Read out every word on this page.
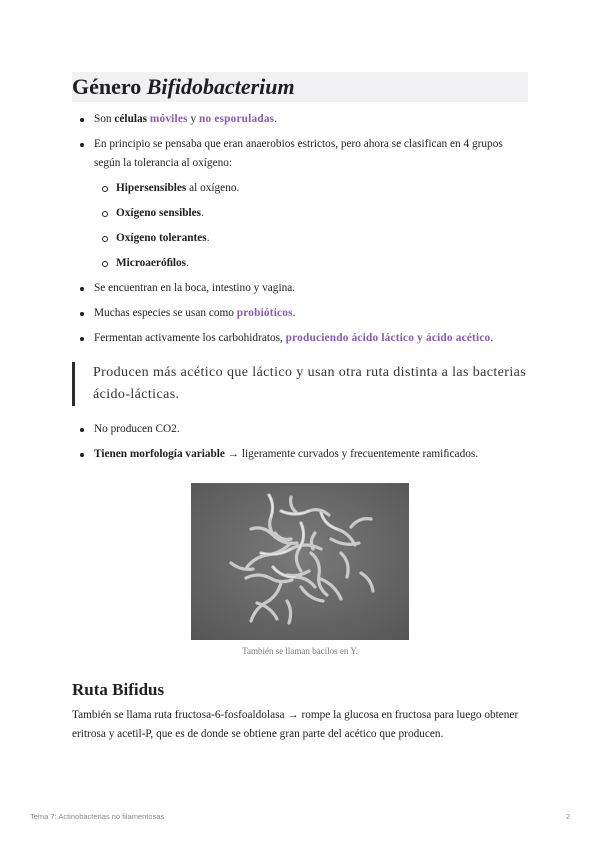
Género Bifidobacterium
Son células móviles y no esporuladas.
En principio se pensaba que eran anaerobios estrictos, pero ahora se clasifican en 4 grupos según la tolerancia al oxígeno:
Hipersensibles al oxígeno.
Oxígeno sensibles.
Oxígeno tolerantes.
Microaeróﬁlos.
Se encuentran en la boca, intestino y vagina.
Muchas especies se usan como probióticos.
Fermentan activamente los carbohidratos, produciendo ácido láctico y ácido acético.
Producen más acético que láctico y usan otra ruta distinta a las bacterias ácido-lácticas.
No producen CO2.
Tienen morfología variable → ligeramente curvados y frecuentemente ramiﬁcados.
También se llaman bacilos en Y.
Ruta Bifidus

También se llama ruta fructosa-6-fosfoaldolasa → rompe la glucosa en fructosa para luego obtener eritrosa y acetil-P, que es de donde se obtiene gran parte del acético que producen.

Tema 7: Actinobacterias no ﬁlamentosas	2
